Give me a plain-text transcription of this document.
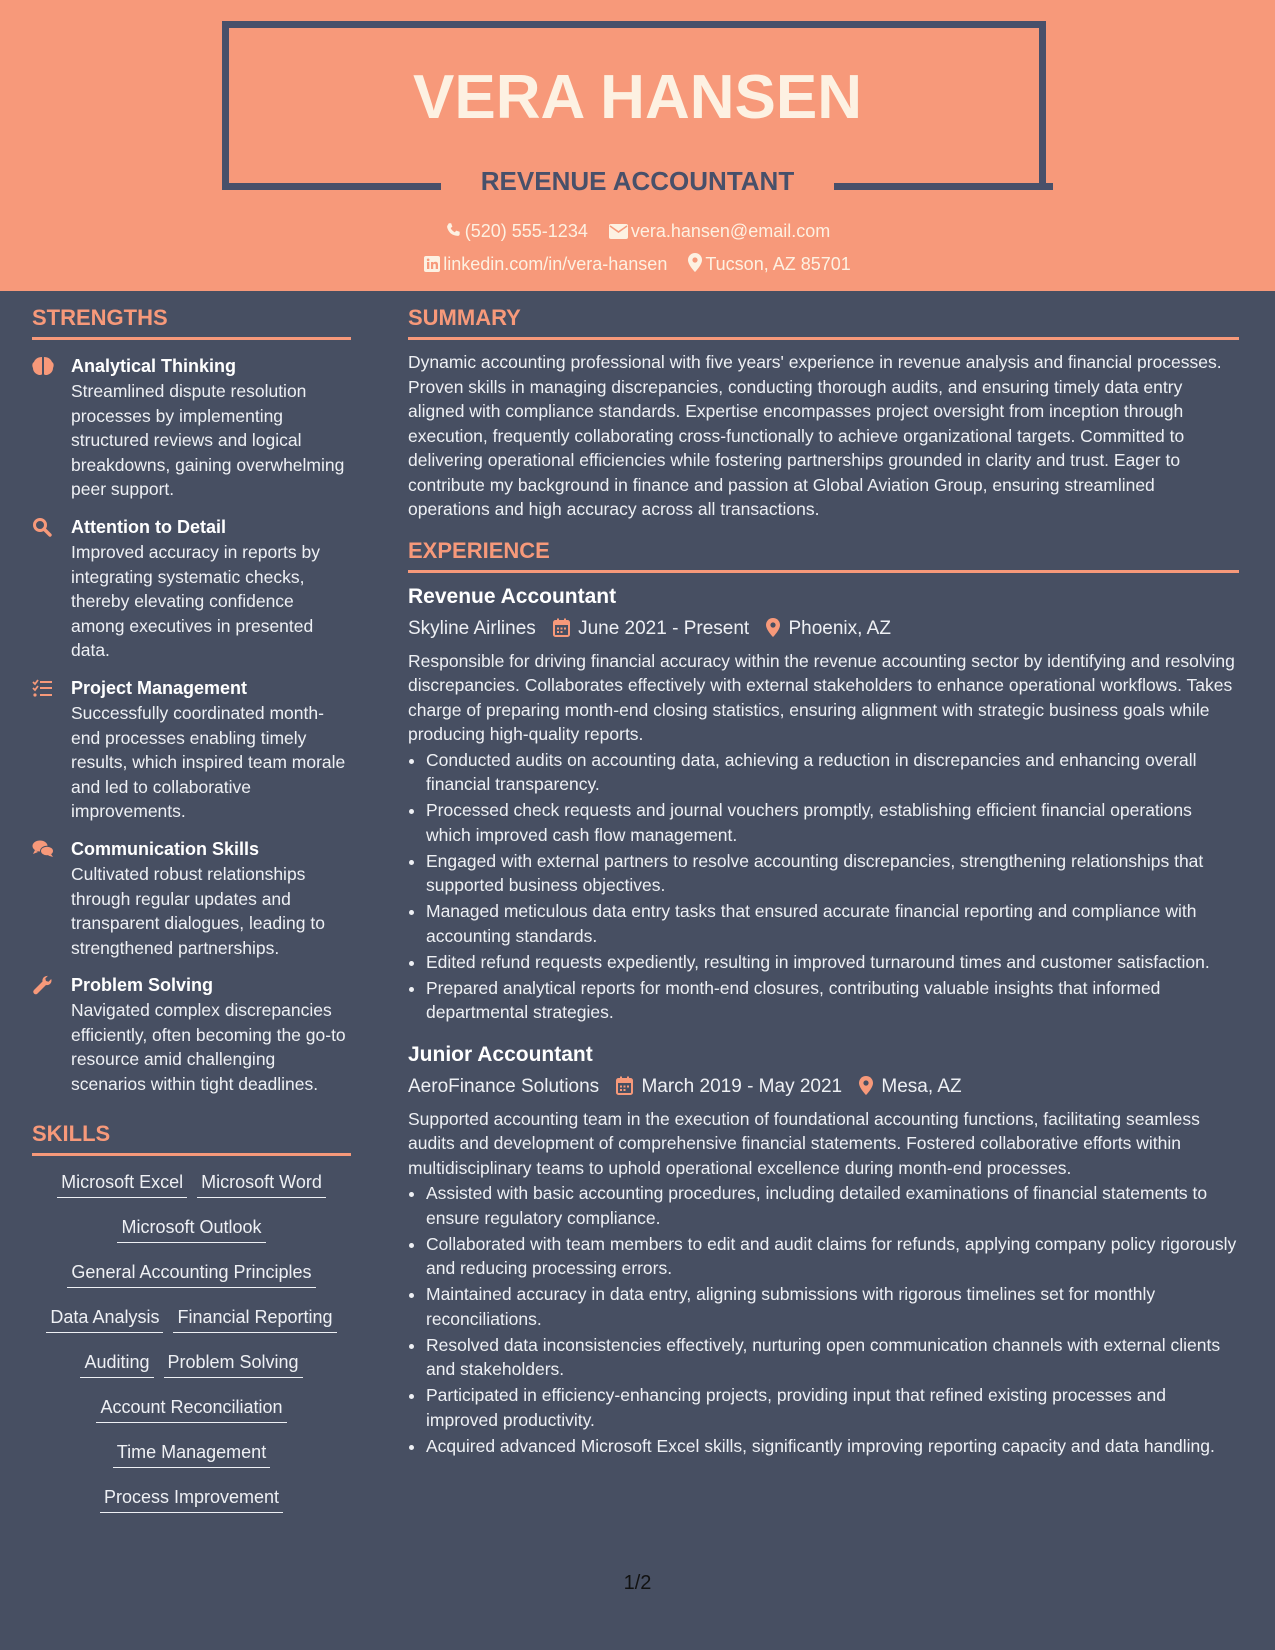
VERA HANSEN
REVENUE ACCOUNTANT
(520) 555-1234 vera.hansen@email.com
linkedin.com/in/vera-hansen Tucson, AZ 85701
STRENGTHS
Analytical Thinking
Streamlined dispute resolution processes by implementing structured reviews and logical breakdowns, gaining overwhelming peer support.
Attention to Detail
Improved accuracy in reports by integrating systematic checks, thereby elevating confidence among executives in presented data.
Project Management
Successfully coordinated month-end processes enabling timely results, which inspired team morale and led to collaborative improvements.
Communication Skills
Cultivated robust relationships through regular updates and transparent dialogues, leading to strengthened partnerships.
Problem Solving
Navigated complex discrepancies efficiently, often becoming the go-to resource amid challenging scenarios within tight deadlines.
SKILLS
Microsoft Excel Microsoft Word
Microsoft Outlook
General Accounting Principles
Data Analysis Financial Reporting
Auditing Problem Solving
Account Reconciliation
Time Management
Process Improvement
SUMMARY
Dynamic accounting professional with five years' experience in revenue analysis and financial processes. Proven skills in managing discrepancies, conducting thorough audits, and ensuring timely data entry aligned with compliance standards. Expertise encompasses project oversight from inception through execution, frequently collaborating cross-functionally to achieve organizational targets. Committed to delivering operational efficiencies while fostering partnerships grounded in clarity and trust. Eager to contribute my background in finance and passion at Global Aviation Group, ensuring streamlined operations and high accuracy across all transactions.
EXPERIENCE
Revenue Accountant
Skyline Airlines June 2021 - Present Phoenix, AZ
Responsible for driving financial accuracy within the revenue accounting sector by identifying and resolving discrepancies. Collaborates effectively with external stakeholders to enhance operational workflows. Takes charge of preparing month-end closing statistics, ensuring alignment with strategic business goals while producing high-quality reports.
• Conducted audits on accounting data, achieving a reduction in discrepancies and enhancing overall financial transparency.
• Processed check requests and journal vouchers promptly, establishing efficient financial operations which improved cash flow management.
• Engaged with external partners to resolve accounting discrepancies, strengthening relationships that supported business objectives.
• Managed meticulous data entry tasks that ensured accurate financial reporting and compliance with accounting standards.
• Edited refund requests expediently, resulting in improved turnaround times and customer satisfaction.
• Prepared analytical reports for month-end closures, contributing valuable insights that informed departmental strategies.
Junior Accountant
AeroFinance Solutions March 2019 - May 2021 Mesa, AZ
Supported accounting team in the execution of foundational accounting functions, facilitating seamless audits and development of comprehensive financial statements. Fostered collaborative efforts within multidisciplinary teams to uphold operational excellence during month-end processes.
• Assisted with basic accounting procedures, including detailed examinations of financial statements to ensure regulatory compliance.
• Collaborated with team members to edit and audit claims for refunds, applying company policy rigorously and reducing processing errors.
• Maintained accuracy in data entry, aligning submissions with rigorous timelines set for monthly reconciliations.
• Resolved data inconsistencies effectively, nurturing open communication channels with external clients and stakeholders.
• Participated in efficiency-enhancing projects, providing input that refined existing processes and improved productivity.
• Acquired advanced Microsoft Excel skills, significantly improving reporting capacity and data handling.
1/2
